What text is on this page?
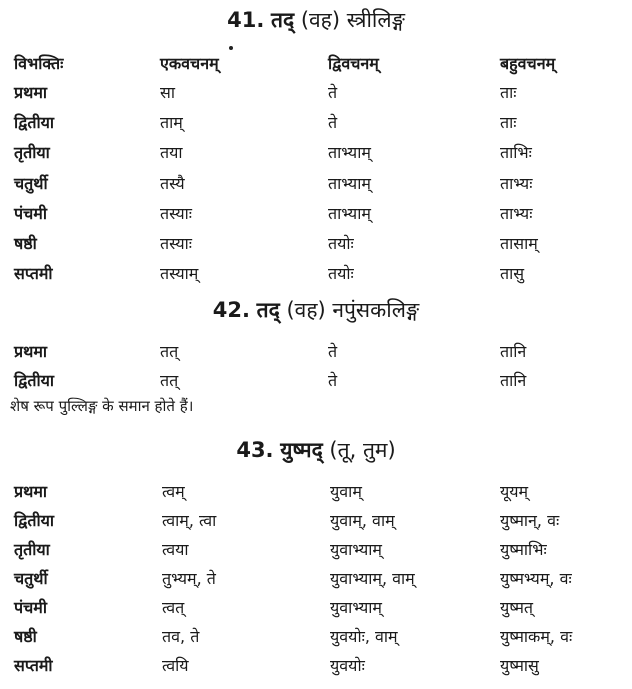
41. तद् (वह) स्त्रीलिङ्ग
विभक्तिः	एकवचनम्	द्विवचनम्	बहुवचनम्
प्रथमा	सा	ते	ताः
द्वितीया	ताम्	ते	ताः
तृतीया	तया	ताभ्याम्	ताभिः
चतुर्थी	तस्यै	ताभ्याम्	ताभ्यः
पंचमी	तस्याः	ताभ्याम्	ताभ्यः
षष्ठी	तस्याः	तयोः	तासाम्
सप्तमी	तस्याम्	तयोः	तासु
42. तद् (वह) नपुंसकलिङ्ग
प्रथमा	तत्	ते	तानि
द्वितीया	तत्	ते	तानि
शेष रूप पुल्लिङ्ग के समान होते हैं।
43. युष्मद् (तू, तुम)
प्रथमा	त्वम्	युवाम्	यूयम्
द्वितीया	त्वाम्, त्वा	युवाम्, वाम्	युष्मान्, वः
तृतीया	त्वया	युवाभ्याम्	युष्माभिः
चतुर्थी	तुभ्यम्, ते	युवाभ्याम्, वाम्	युष्मभ्यम्, वः
पंचमी	त्वत्	युवाभ्याम्	युष्मत्
षष्ठी	तव, ते	युवयोः, वाम्	युष्माकम्, वः
सप्तमी	त्वयि	युवयोः	युष्मासु
